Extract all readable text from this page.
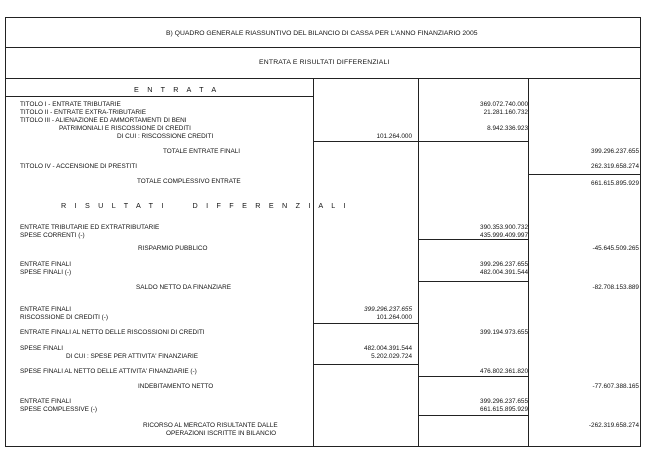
B) QUADRO GENERALE RIASSUNTIVO DEL BILANCIO DI CASSA PER L'ANNO FINANZIARIO 2005
ENTRATA E RISULTATI DIFFERENZIALI
E N T R A T A
TITOLO I - ENTRATE TRIBUTARIE	369.072.740.000
TITOLO II - ENTRATE EXTRA-TRIBUTARIE	21.281.160.732
TITOLO III - ALIENAZIONE ED AMMORTAMENTI DI BENI
PATRIMONIALI E RISCOSSIONE DI CREDITI	8.942.336.923
DI CUI : RISCOSSIONE CREDITI	101.264.000
TOTALE ENTRATE FINALI	399.296.237.655
TITOLO IV - ACCENSIONE DI PRESTITI	262.319.658.274
TOTALE COMPLESSIVO ENTRATE	661.615.895.929
R I S U L T A T I     D I F F E R E N Z I A L I
ENTRATE TRIBUTARIE ED EXTRATRIBUTARIE	390.353.900.732
SPESE CORRENTI (-)	435.999.409.997
RISPARMIO PUBBLICO	-45.645.509.265
ENTRATE FINALI	399.296.237.655
SPESE FINALI (-)	482.004.391.544
SALDO NETTO DA FINANZIARE	-82.708.153.889
ENTRATE FINALI	399.296.237.655
RISCOSSIONE DI CREDITI (-)	101.264.000
ENTRATE FINALI AL NETTO DELLE RISCOSSIONI DI CREDITI	399.194.973.655
SPESE FINALI	482.004.391.544
DI CUI : SPESE PER ATTIVITA' FINANZIARIE	5.202.029.724
SPESE FINALI AL NETTO DELLE ATTIVITA' FINANZIARIE (-)	476.802.361.820
INDEBITAMENTO NETTO	-77.607.388.165
ENTRATE FINALI	399.296.237.655
SPESE COMPLESSIVE (-)	661.615.895.929
RICORSO AL MERCATO RISULTANTE DALLE
OPERAZIONI ISCRITTE IN BILANCIO
-262.319.658.274
